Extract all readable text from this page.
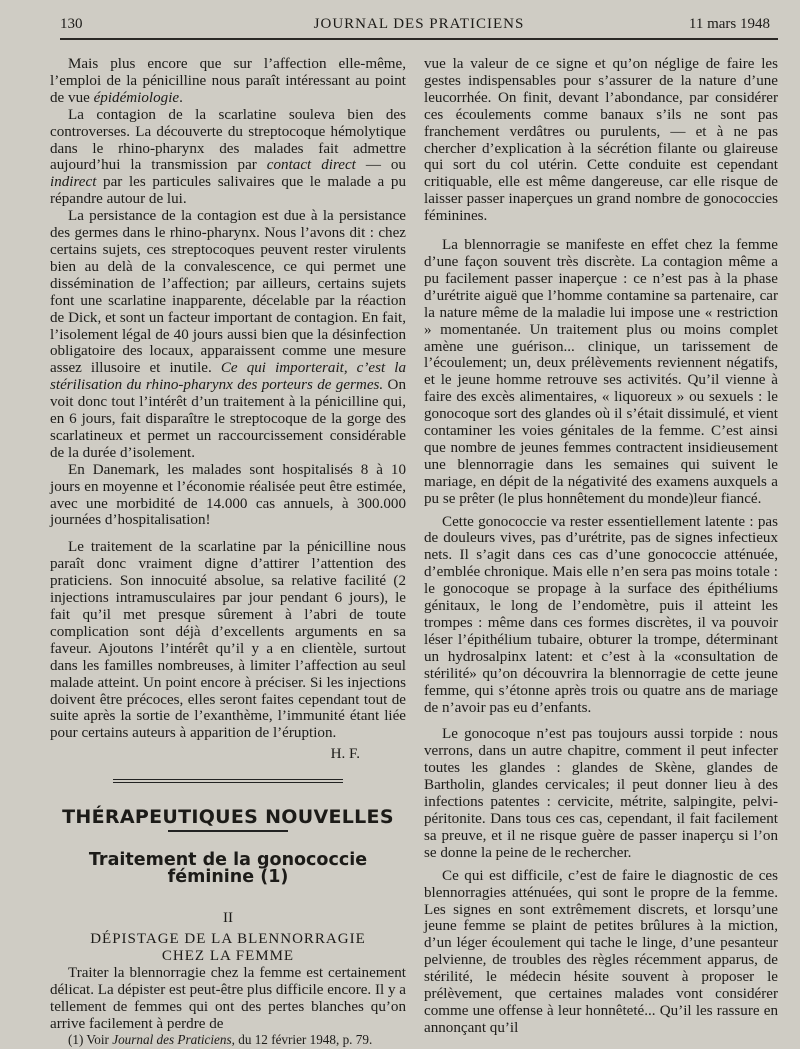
130	JOURNAL DES PRATICIENS	11 mars 1948

Mais plus encore que sur l’affection elle-même, l’emploi de la pénicilline nous paraît intéressant au point de vue épidémiologie.

La contagion de la scarlatine souleva bien des controverses. La découverte du streptocoque hémolytique dans le rhino-pharynx des malades fait admettre aujourd’hui la transmission par contact direct — ou indirect par les particules salivaires que le malade a pu répandre autour de lui.

La persistance de la contagion est due à la persistance des germes dans le rhino-pharynx. Nous l’avons dit : chez certains sujets, ces streptocoques peuvent rester virulents bien au delà de la convalescence, ce qui permet une dissémination de l’affection; par ailleurs, certains sujets font une scarlatine inapparente, décelable par la réaction de Dick, et sont un facteur important de contagion. En fait, l’isolement légal de 40 jours aussi bien que la désinfection obligatoire des locaux, apparaissent comme une mesure assez illusoire et inutile. Ce qui importerait, c’est la stérilisation du rhino-pharynx des porteurs de germes. On voit donc tout l’intérêt d’un traitement à la pénicilline qui, en 6 jours, fait disparaître le streptocoque de la gorge des scarlatineux et permet un raccourcissement considérable de la durée d’isolement.

En Danemark, les malades sont hospitalisés 8 à 10 jours en moyenne et l’économie réalisée peut être estimée, avec une morbidité de 14.000 cas annuels, à 300.000 journées d’hospitalisation!

Le traitement de la scarlatine par la pénicilline nous paraît donc vraiment digne d’attirer l’attention des praticiens. Son innocuité absolue, sa relative facilité (2 injections intramusculaires par jour pendant 6 jours), le fait qu’il met presque sûrement à l’abri de toute complication sont déjà d’excellents arguments en sa faveur. Ajoutons l’intérêt qu’il y a en clientèle, surtout dans les familles nombreuses, à limiter l’affection au seul malade atteint. Un point encore à préciser. Si les injections doivent être précoces, elles seront faites cependant tout de suite après la sortie de l’exanthème, l’immunité étant liée pour certains auteurs à apparition de l’éruption.

H. F.
THÉRAPEUTIQUES NOUVELLES
Traitement de la gonococcie féminine (1)
II
DÉPISTAGE DE LA BLENNORRAGIE
CHEZ LA FEMME

Traiter la blennorragie chez la femme est certainement délicat. La dépister est peut-être plus difficile encore. Il y a tellement de femmes qui ont des pertes blanches qu’on arrive facilement à perdre de

(1) Voir Journal des Praticiens, du 12 février 1948, p. 79.

vue la valeur de ce signe et qu’on néglige de faire les gestes indispensables pour s’assurer de la nature d’une leucorrhée. On finit, devant l’abondance, par considérer ces écoulements comme banaux s’ils ne sont pas franchement verdâtres ou purulents, — et à ne pas chercher d’explication à la sécrétion filante ou glaireuse qui sort du col utérin. Cette conduite est cependant critiquable, elle est même dangereuse, car elle risque de laisser passer inaperçues un grand nombre de gonococcies féminines.

La blennorragie se manifeste en effet chez la femme d’une façon souvent très discrète. La contagion même a pu facilement passer inaperçue : ce n’est pas à la phase d’urétrite aiguë que l’homme contamine sa partenaire, car la nature même de la maladie lui impose une « restriction » momentanée. Un traitement plus ou moins complet amène une guérison... clinique, un tarissement de l’écoulement; un, deux prélèvements reviennent négatifs, et le jeune homme retrouve ses activités. Qu’il vienne à faire des excès alimentaires, « liquoreux » ou sexuels : le gonocoque sort des glandes où il s’était dissimulé, et vient contaminer les voies génitales de la femme. C’est ainsi que nombre de jeunes femmes contractent insidieusement une blennorragie dans les semaines qui suivent le mariage, en dépit de la négativité des examens auxquels a pu se prêter (le plus honnêtement du monde)leur fiancé.

Cette gonococcie va rester essentiellement latente : pas de douleurs vives, pas d’urétrite, pas de signes infectieux nets. Il s’agit dans ces cas d’une gonococcie atténuée, d’emblée chronique. Mais elle n’en sera pas moins totale : le gonocoque se propage à la surface des épithéliums génitaux, le long de l’endomètre, puis il atteint les trompes : même dans ces formes discrètes, il va pouvoir léser l’épithélium tubaire, obturer la trompe, déterminant un hydrosalpinx latent: et c’est à la «consultation de stérilité» qu’on découvrira la blennorragie de cette jeune femme, qui s’étonne après trois ou quatre ans de mariage de n’avoir pas eu d’enfants.

Le gonocoque n’est pas toujours aussi torpide : nous verrons, dans un autre chapitre, comment il peut infecter toutes les glandes : glandes de Skène, glandes de Bartholin, glandes cervicales; il peut donner lieu à des infections patentes : cervicite, métrite, salpingite, pelvi-péritonite. Dans tous ces cas, cependant, il fait facilement sa preuve, et il ne risque guère de passer inaperçu si l’on se donne la peine de le rechercher.

Ce qui est difficile, c’est de faire le diagnostic de ces blennorragies atténuées, qui sont le propre de la femme. Les signes en sont extrêmement discrets, et lorsqu’une jeune femme se plaint de petites brûlures à la miction, d’un léger écoulement qui tache le linge, d’une pesanteur pelvienne, de troubles des règles récemment apparus, de stérilité, le médecin hésite souvent à proposer le prélèvement, que certaines malades vont considérer comme une offense à leur honnêteté... Qu’il les rassure en annonçant qu’il
